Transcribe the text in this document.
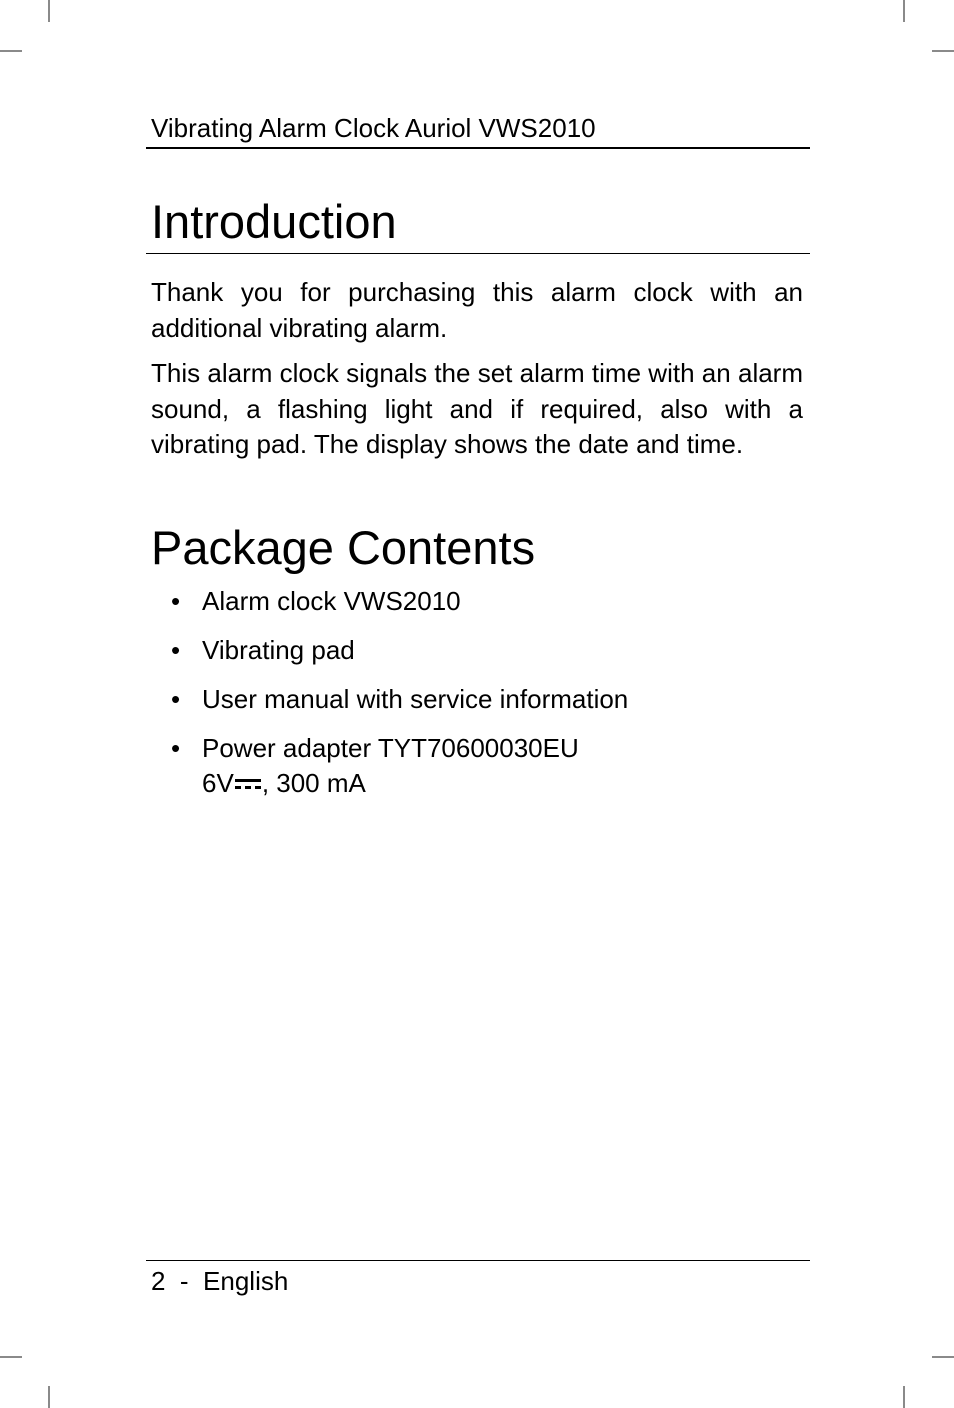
Vibrating Alarm Clock Auriol VWS2010
Introduction

Thank you for purchasing this alarm clock with an additional vibrating alarm.

This alarm clock signals the set alarm time with an alarm sound, a flashing light and if required, also with a vibrating pad. The display shows the date and time.

Package Contents
• Alarm clock VWS2010
• Vibrating pad
• User manual with service information
• Power adapter TYT70600030EU
6V , 300 mA
2  -  English
